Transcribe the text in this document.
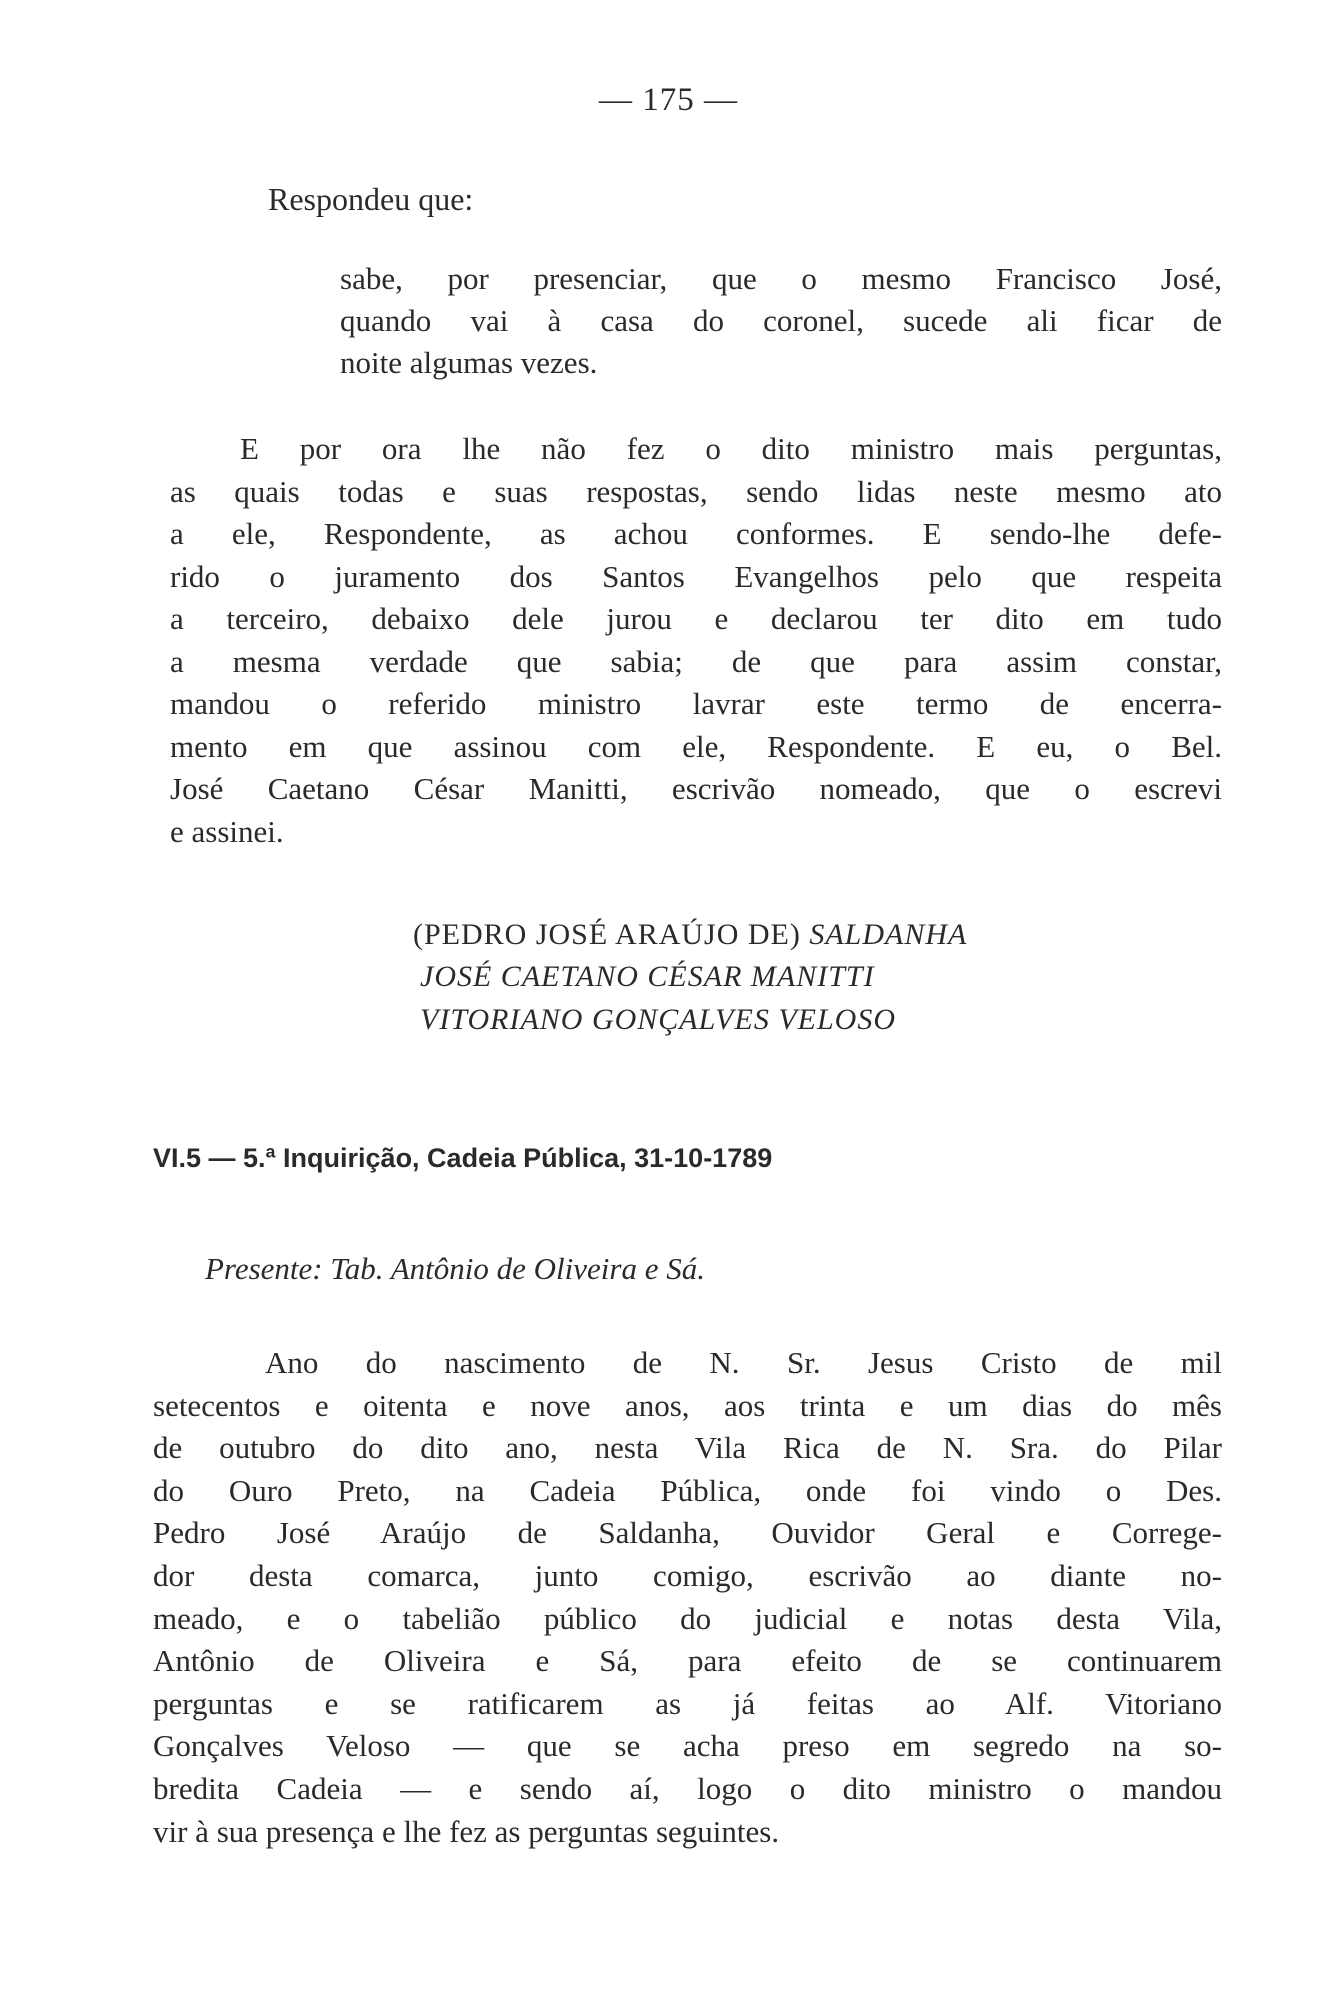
— 175 —
Respondeu que:
sabe, por presenciar, que o mesmo Francisco José,
quando vai à casa do coronel, sucede ali ficar de
noite algumas vezes.
E por ora lhe não fez o dito ministro mais perguntas,
as quais todas e suas respostas, sendo lidas neste mesmo ato
a ele, Respondente, as achou conformes. E sendo-lhe defe-
rido o juramento dos Santos Evangelhos pelo que respeita
a terceiro, debaixo dele jurou e declarou ter dito em tudo
a mesma verdade que sabia; de que para assim constar,
mandou o referido ministro lavrar este termo de encerra-
mento em que assinou com ele, Respondente. E eu, o Bel.
José Caetano César Manitti, escrivão nomeado, que o escrevi
e assinei.
(PEDRO JOSÉ ARAÚJO DE) SALDANHA
JOSÉ CAETANO CÉSAR MANITTI
VITORIANO GONÇALVES VELOSO
VI.5 — 5.ª Inquirição, Cadeia Pública, 31-10-1789
Presente: Tab. Antônio de Oliveira e Sá.
Ano do nascimento de N. Sr. Jesus Cristo de mil
setecentos e oitenta e nove anos, aos trinta e um dias do mês
de outubro do dito ano, nesta Vila Rica de N. Sra. do Pilar
do Ouro Preto, na Cadeia Pública, onde foi vindo o Des.
Pedro José Araújo de Saldanha, Ouvidor Geral e Correge-
dor desta comarca, junto comigo, escrivão ao diante no-
meado, e o tabelião público do judicial e notas desta Vila,
Antônio de Oliveira e Sá, para efeito de se continuarem
perguntas e se ratificarem as já feitas ao Alf. Vitoriano
Gonçalves Veloso — que se acha preso em segredo na so-
bredita Cadeia — e sendo aí, logo o dito ministro o mandou
vir à sua presença e lhe fez as perguntas seguintes.
